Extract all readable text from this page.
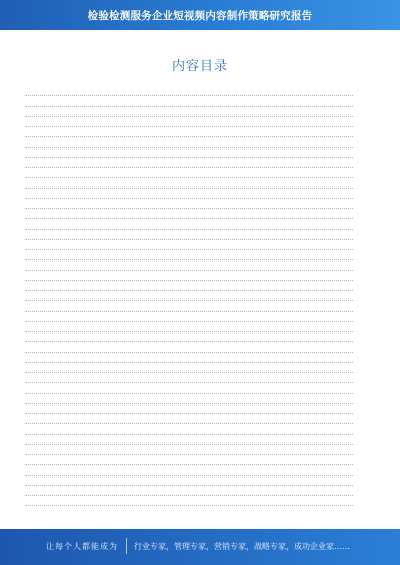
检验检测服务企业短视频内容制作策略研究报告
内容目录
让每个人都能成为 行业专家，管理专家，营销专家，战略专家，成功企业家……
